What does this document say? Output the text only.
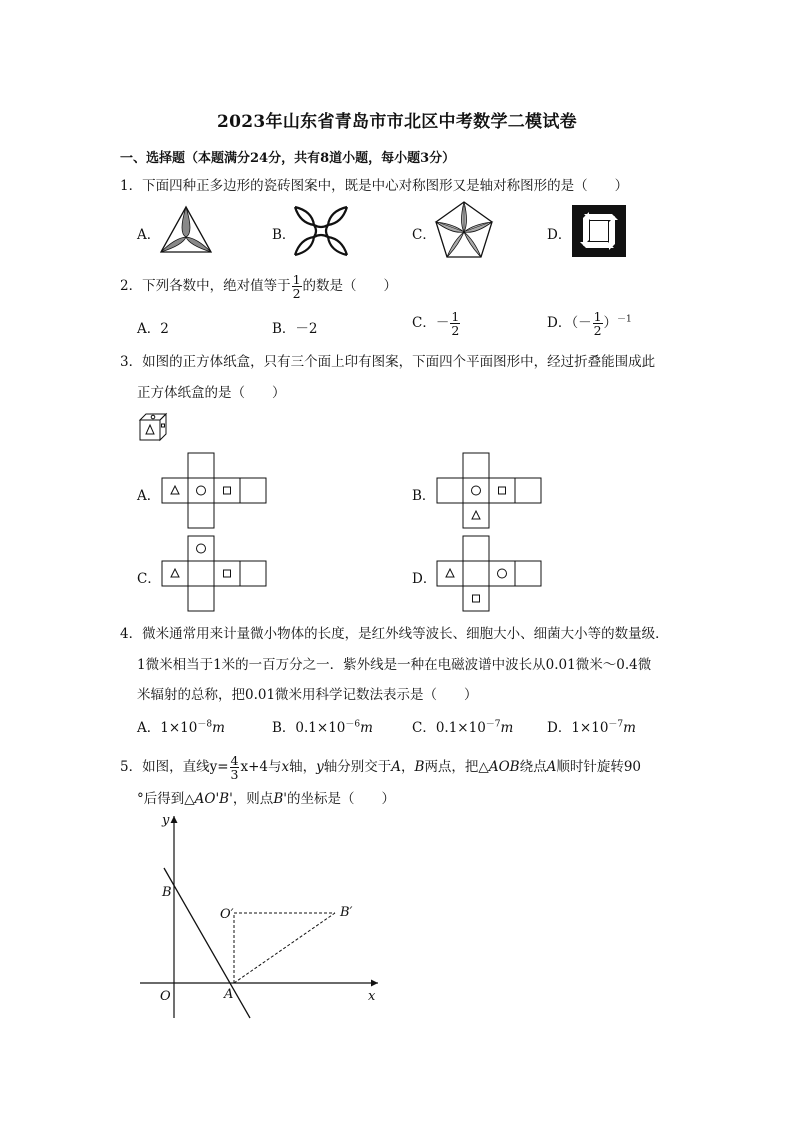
2023年山东省青岛市市北区中考数学二模试卷
一、选择题（本题满分24分，共有8道小题，每小题3分）
1．下面四种正多边形的瓷砖图案中，既是中心对称图形又是轴对称图形的是（　　）
A．	B．	C．	D．
2．下列各数中，绝对值等于 $\frac{1}{2}$ 的数是（　　）
A．2	B．－2	C．－ $\frac{1}{2}$	D．（－ $\frac{1}{2} )^{-1}$
3．如图的正方体纸盒，只有三个面上印有图案，下面四个平面图形中，经过折叠能围成此
正方体纸盒的是（　　）
A．	B．
C．	D．
4．微米通常用来计量微小物体的长度，是红外线等波长、细胞大小、细菌大小等的数量级．
1微米相当于1米的一百万分之一．紫外线是一种在电磁波谱中波长从0.01微米～0.4微
米辐射的总称，把0.01微米用科学记数法表示是（　　）
A．$1\times 10^{-8}m$	B．$0.1\times 10^{-6}m$	C．$0.1\times 10^{-7}m$ D．$1\times 10^{-7}m$
5．如图，直线$y= \frac{4}{3} x+4$与x轴，y轴分别交于A，B两点，把△AOB绕点A顺时针旋转90
°后得到△AO'B'，则点B'的坐标是（　　）
y
x
B
O	A
O′	B′
